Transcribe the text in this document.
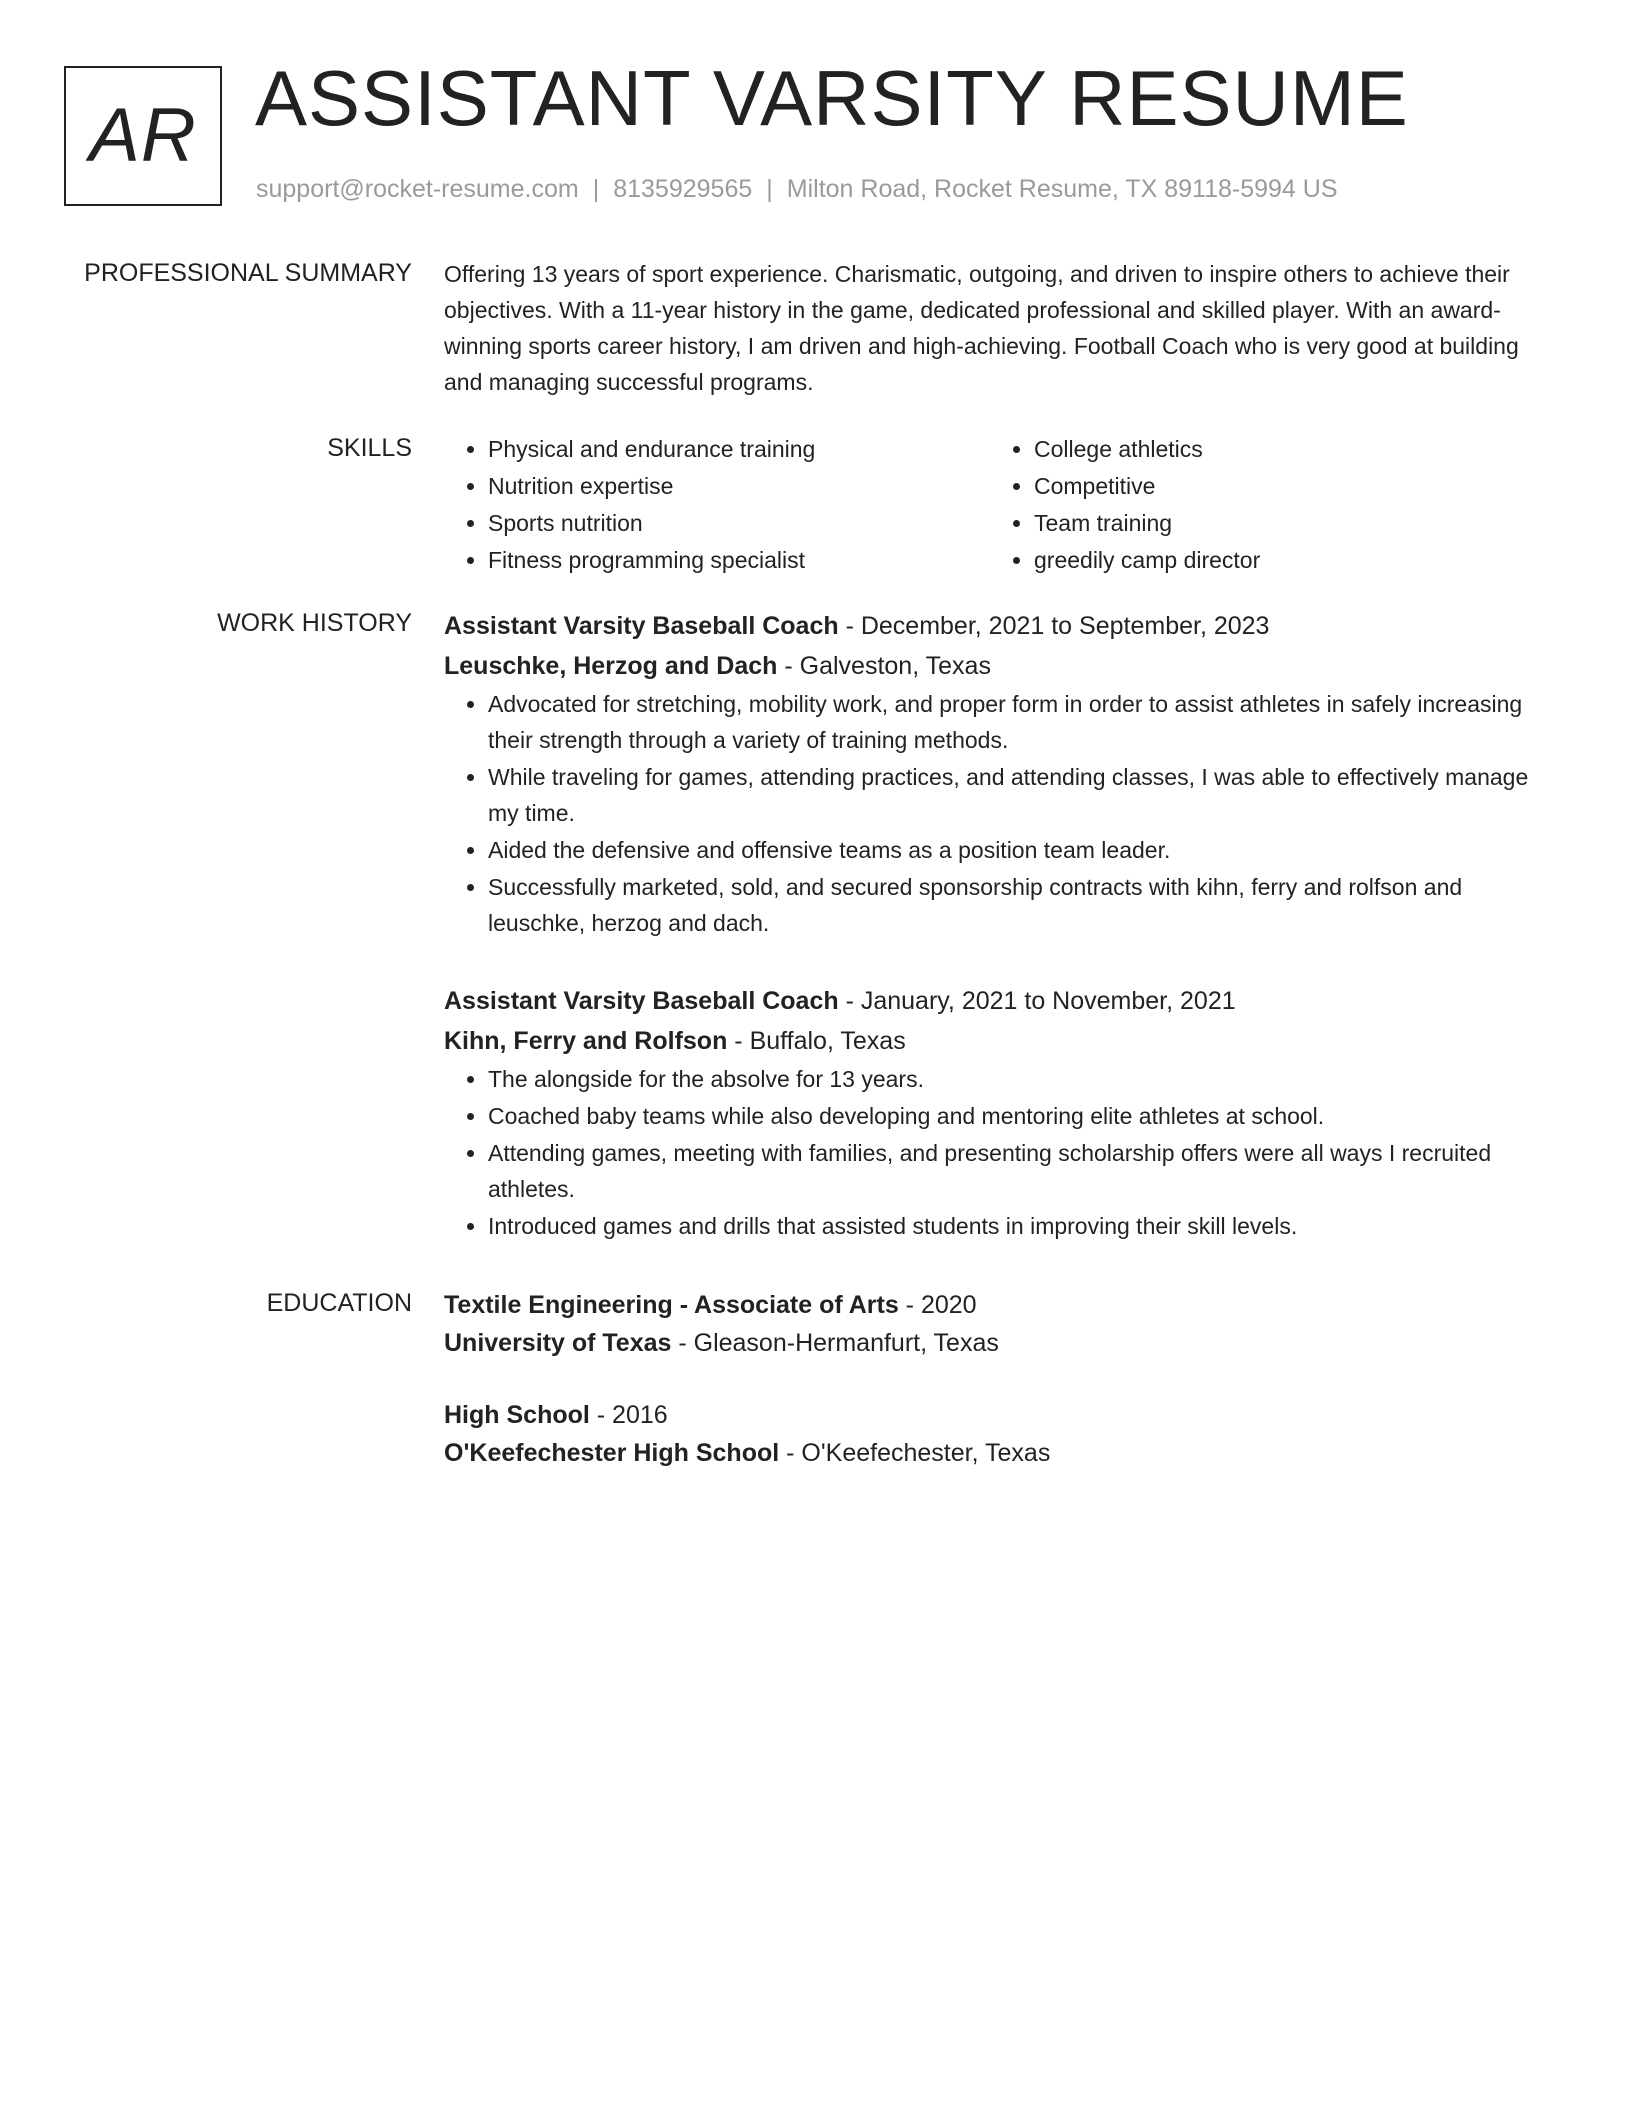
AR ASSISTANT VARSITY RESUME
support@rocket-resume.com | 8135929565 | Milton Road, Rocket Resume, TX 89118-5994 US
PROFESSIONAL SUMMARY Offering 13 years of sport experience. Charismatic, outgoing, and driven to inspire others to achieve their objectives. With a 11-year history in the game, dedicated professional and skilled player. With an award-winning sports career history, I am driven and high-achieving. Football Coach who is very good at building and managing successful programs.

SKILLS
•	Physical and endurance training
• Nutrition expertise
• Sports nutrition
• Fitness programming specialist
• College athletics
• Competitive
• Team training
• greedily camp director
WORK HISTORY Assistant Varsity Baseball Coach - December, 2021 to September, 2023
Leuschke, Herzog and Dach - Galveston, Texas
• Advocated for stretching, mobility work, and proper form in order to assist athletes in safely increasing their strength through a variety of training methods.
• While traveling for games, attending practices, and attending classes, I was able to effectively manage my time.
• Aided the defensive and offensive teams as a position team leader.
• Successfully marketed, sold, and secured sponsorship contracts with kihn, ferry and rolfson and leuschke, herzog and dach.
Assistant Varsity Baseball Coach - January, 2021 to November, 2021
Kihn, Ferry and Rolfson - Buffalo, Texas
• The alongside for the absolve for 13 years.
• Coached baby teams while also developing and mentoring elite athletes at school.
• Attending games, meeting with families, and presenting scholarship offers were all ways I recruited athletes.
• Introduced games and drills that assisted students in improving their skill levels.
EDUCATION Textile Engineering - Associate of Arts - 2020
University of Texas - Gleason-Hermanfurt, Texas
High School - 2016
O'Keefechester High School - O'Keefechester, Texas
